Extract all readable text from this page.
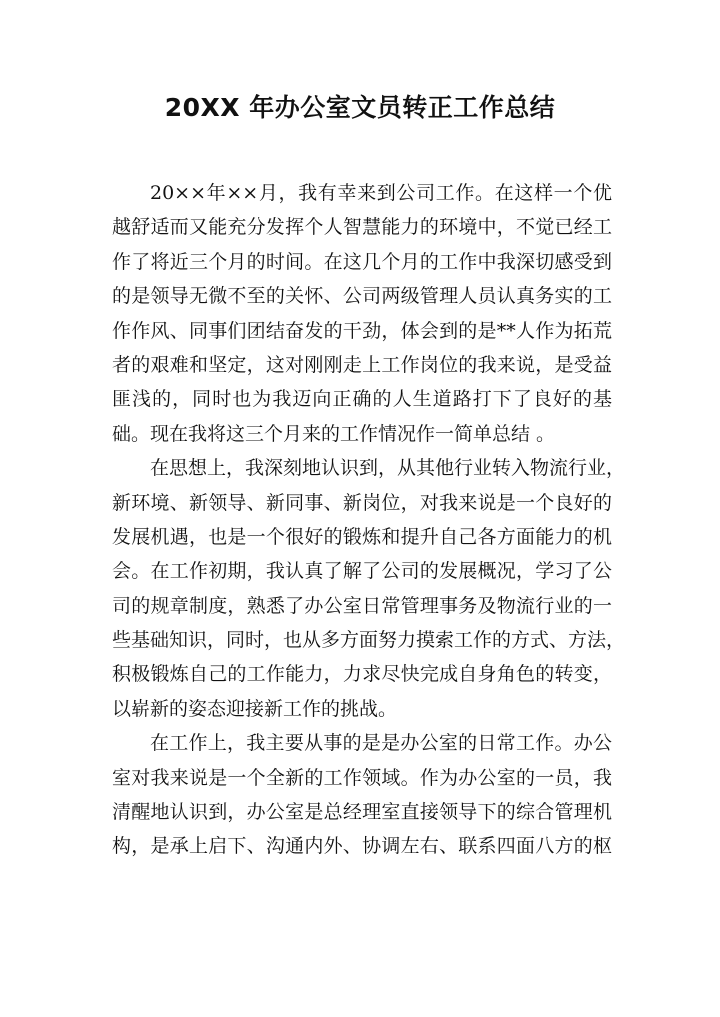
20XX 年办公室文员转正工作总结
20××年××月，我有幸来到公司工作。在这样一个优
越舒适而又能充分发挥个人智慧能力的环境中，不觉已经工
作了将近三个月的时间。在这几个月的工作中我深切感受到
的是领导无微不至的关怀、公司两级管理人员认真务实的工
作作风、同事们团结奋发的干劲，体会到的是**人作为拓荒
者的艰难和坚定，这对刚刚走上工作岗位的我来说，是受益
匪浅的，同时也为我迈向正确的人生道路打下了良好的基
础。现在我将这三个月来的工作情况作一简单总结 。
在思想上，我深刻地认识到，从其他行业转入物流行业，
新环境、新领导、新同事、新岗位，对我来说是一个良好的
发展机遇，也是一个很好的锻炼和提升自己各方面能力的机
会。在工作初期，我认真了解了公司的发展概况，学习了公
司的规章制度，熟悉了办公室日常管理事务及物流行业的一
些基础知识，同时，也从多方面努力摸索工作的方式、方法，
积极锻炼自己的工作能力，力求尽快完成自身角色的转变，
以崭新的姿态迎接新工作的挑战。
在工作上，我主要从事的是是办公室的日常工作。办公
室对我来说是一个全新的工作领域。作为办公室的一员，我
清醒地认识到，办公室是总经理室直接领导下的综合管理机
构，是承上启下、沟通内外、协调左右、联系四面八方的枢
